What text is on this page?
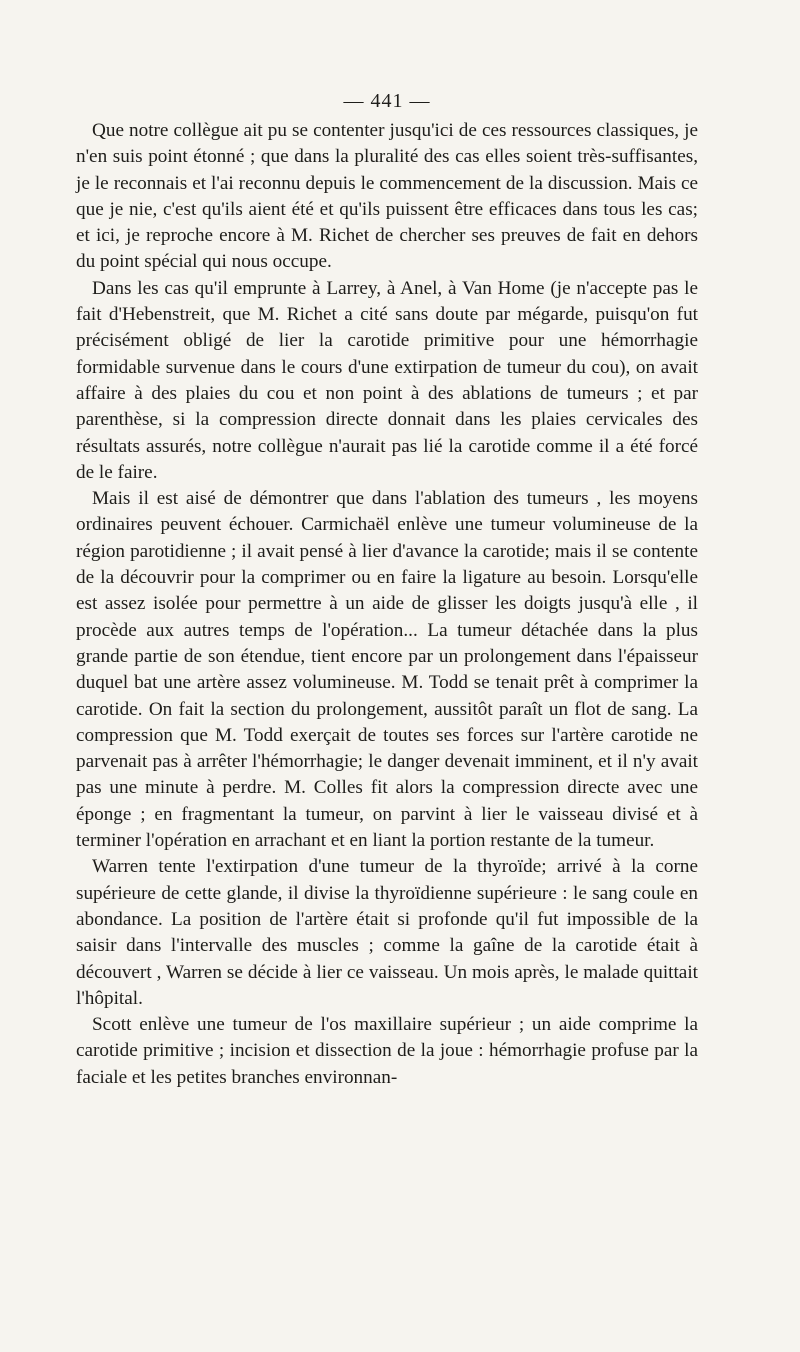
— 441 —

Que notre collègue ait pu se contenter jusqu'ici de ces ressources classiques, je n'en suis point étonné ; que dans la pluralité des cas elles soient très-suffisantes, je le reconnais et l'ai reconnu depuis le commencement de la discussion. Mais ce que je nie, c'est qu'ils aient été et qu'ils puissent être efficaces dans tous les cas; et ici, je reproche encore à M. Richet de chercher ses preuves de fait en dehors du point spécial qui nous occupe.

Dans les cas qu'il emprunte à Larrey, à Anel, à Van Home (je n'accepte pas le fait d'Hebenstreit, que M. Richet a cité sans doute par mégarde, puisqu'on fut précisément obligé de lier la carotide primitive pour une hémorrhagie formidable survenue dans le cours d'une extirpation de tumeur du cou), on avait affaire à des plaies du cou et non point à des ablations de tumeurs ; et par parenthèse, si la compression directe donnait dans les plaies cervicales des résultats assurés, notre collègue n'aurait pas lié la carotide comme il a été forcé de le faire.

Mais il est aisé de démontrer que dans l'ablation des tumeurs , les moyens ordinaires peuvent échouer. Carmichaël enlève une tumeur volumineuse de la région parotidienne ; il avait pensé à lier d'avance la carotide; mais il se contente de la découvrir pour la comprimer ou en faire la ligature au besoin. Lorsqu'elle est assez isolée pour permettre à un aide de glisser les doigts jusqu'à elle , il procède aux autres temps de l'opération... La tumeur détachée dans la plus grande partie de son étendue, tient encore par un prolongement dans l'épaisseur duquel bat une artère assez volumineuse. M. Todd se tenait prêt à comprimer la carotide. On fait la section du prolongement, aussitôt paraît un flot de sang. La compression que M. Todd exerçait de toutes ses forces sur l'artère carotide ne parvenait pas à arrêter l'hémorrhagie; le danger devenait imminent, et il n'y avait pas une minute à perdre. M. Colles fit alors la compression directe avec une éponge ; en fragmentant la tumeur, on parvint à lier le vaisseau divisé et à terminer l'opération en arrachant et en liant la portion restante de la tumeur.

Warren tente l'extirpation d'une tumeur de la thyroïde; arrivé à la corne supérieure de cette glande, il divise la thyroïdienne supérieure : le sang coule en abondance. La position de l'artère était si profonde qu'il fut impossible de la saisir dans l'intervalle des muscles ; comme la gaîne de la carotide était à découvert , Warren se décide à lier ce vaisseau. Un mois après, le malade quittait l'hôpital.

Scott enlève une tumeur de l'os maxillaire supérieur ; un aide comprime la carotide primitive ; incision et dissection de la joue : hémorrhagie profuse par la faciale et les petites branches environnan-
